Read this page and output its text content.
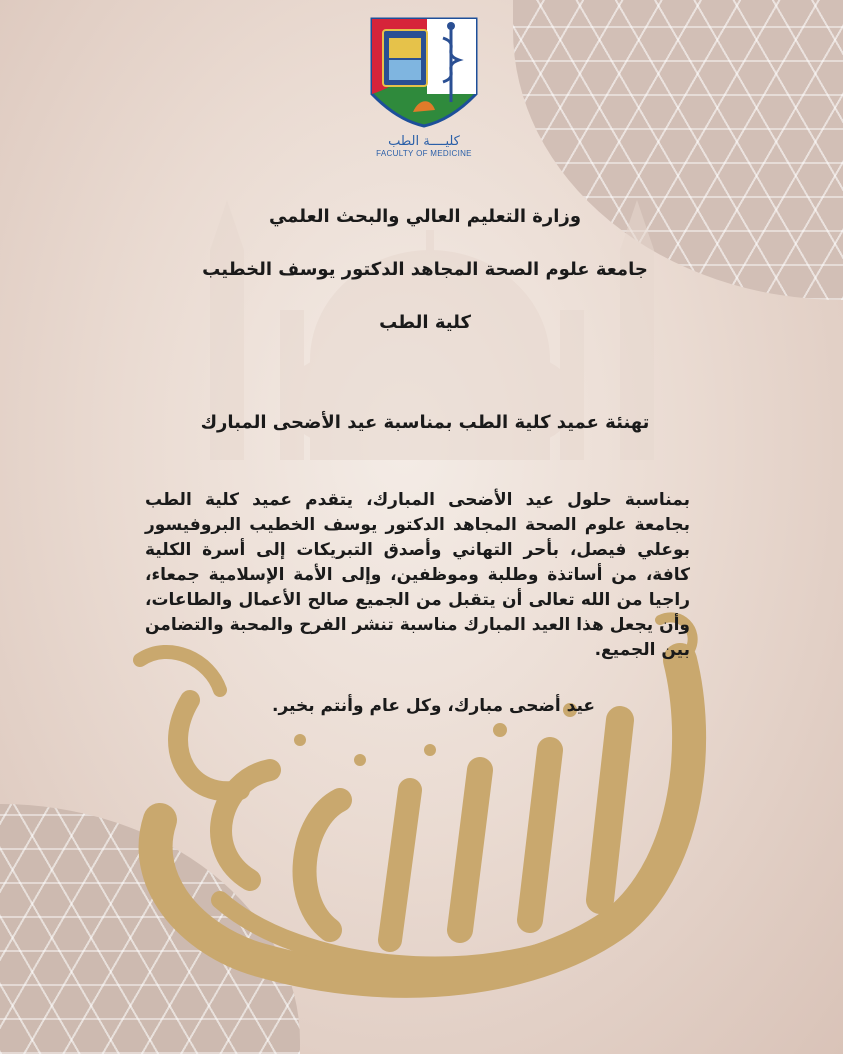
كليــــة الطب
FACULTY OF MEDICINE
وزارة التعليم العالي والبحث العلمي
جامعة علوم الصحة المجاهد الدكتور يوسف الخطيب
كلية الطب
تهنئة عميد كلية الطب بمناسبة عيد الأضحى المبارك
بمناسبة حلول عيد الأضحى المبارك، يتقدم عميد كلية الطب بجامعة علوم الصحة المجاهد الدكتور يوسف الخطيب البروفيسور بوعلي فيصل، بأحر التهاني وأصدق التبريكات إلى أسرة الكلية كافة، من أساتذة وطلبة وموظفين، وإلى الأمة الإسلامية جمعاء، راجيا من الله تعالى أن يتقبل من الجميع صالح الأعمال والطاعات، وأن يجعل هذا العيد المبارك مناسبة تنشر الفرح والمحبة والتضامن بين الجميع.
عيد أضحى مبارك، وكل عام وأنتم بخير.
